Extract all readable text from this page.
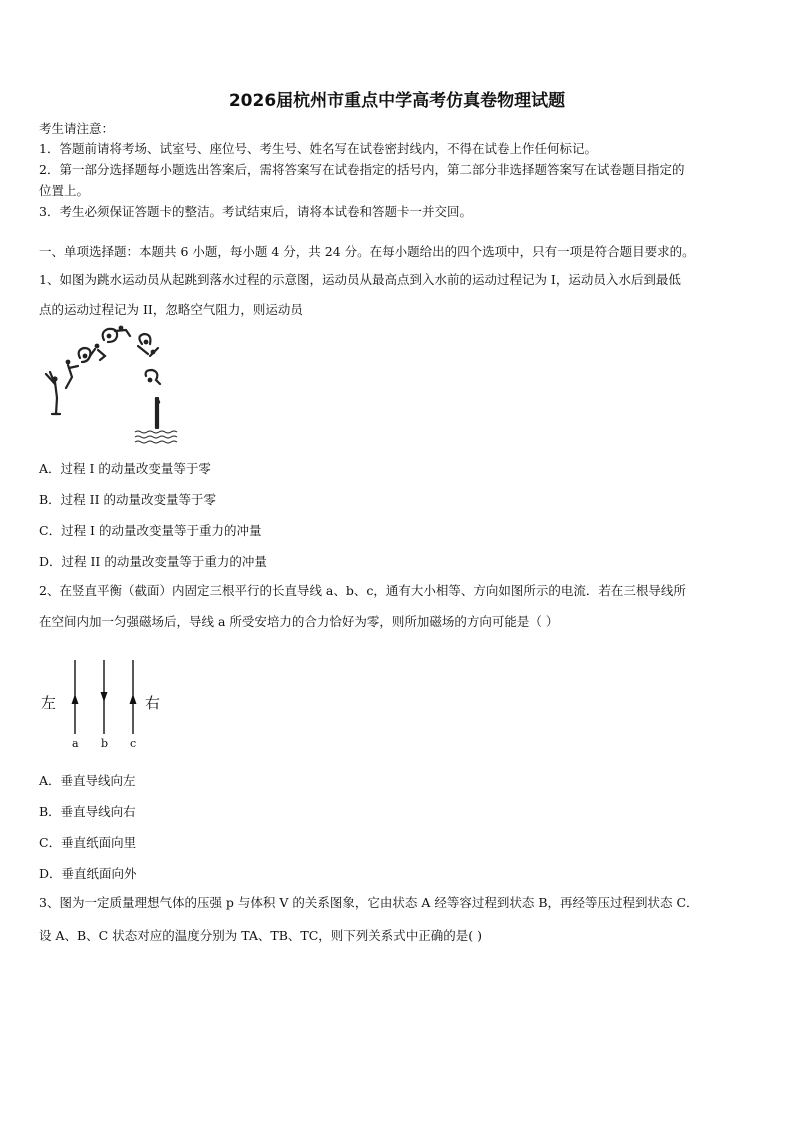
2026届杭州市重点中学高考仿真卷物理试题
考生请注意：
1．答题前请将考场、试室号、座位号、考生号、姓名写在试卷密封线内，不得在试卷上作任何标记。
2．第一部分选择题每小题选出答案后，需将答案写在试卷指定的括号内，第二部分非选择题答案写在试卷题目指定的
位置上。
3．考生必须保证答题卡的整洁。考试结束后，请将本试卷和答题卡一并交回。
一、单项选择题：本题共 6 小题，每小题 4 分，共 24 分。在每小题给出的四个选项中，只有一项是符合题目要求的。
1、如图为跳水运动员从起跳到落水过程的示意图，运动员从最高点到入水前的运动过程记为 I，运动员入水后到最低
点的运动过程记为 II，忽略空气阻力，则运动员
A．过程 I 的动量改变量等于零
B．过程 II 的动量改变量等于零
C．过程 I 的动量改变量等于重力的冲量
D．过程 II 的动量改变量等于重力的冲量
2、在竖直平衡（截面）内固定三根平行的长直导线 a、b、c，通有大小相等、方向如图所示的电流．若在三根导线所
在空间内加一匀强磁场后，导线 a 所受安培力的合力恰好为零，则所加磁场的方向可能是（ ）
左	右
a b c
A．垂直导线向左
B．垂直导线向右
C．垂直纸面向里
D．垂直纸面向外
3、图为一定质量理想气体的压强 p 与体积 V 的关系图象，它由状态 A 经等容过程到状态 B，再经等压过程到状态 C．
设 A、B、C 状态对应的温度分别为 TA、TB、TC，则下列关系式中正确的是( )
